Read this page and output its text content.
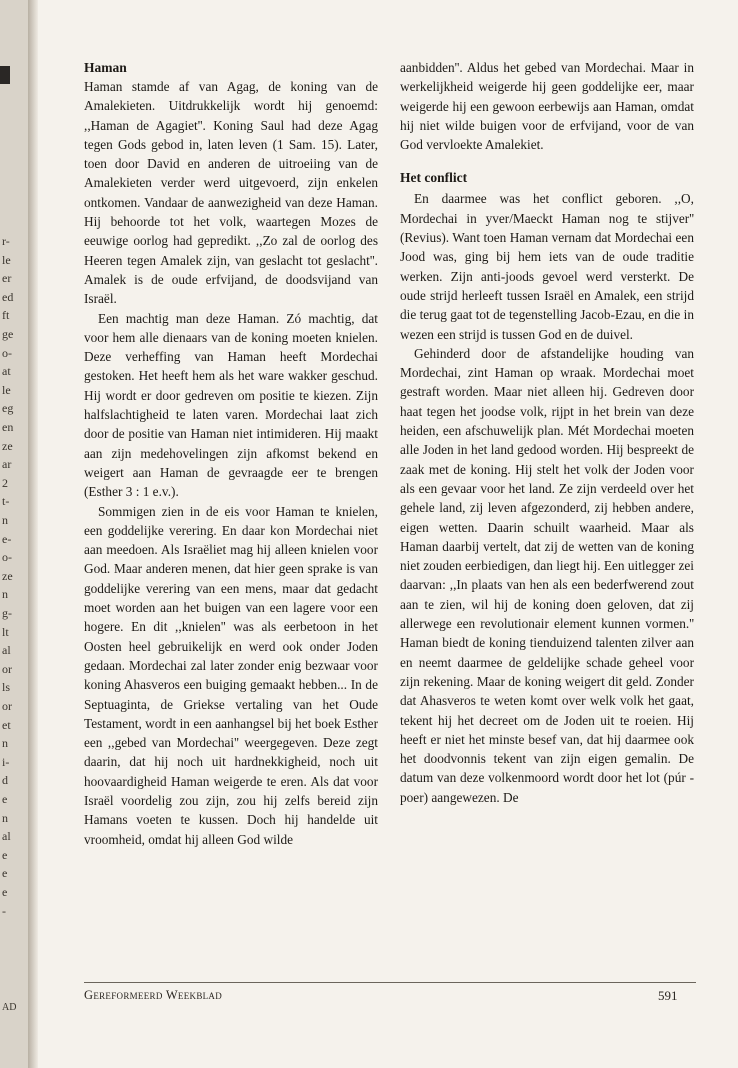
r-
le
er
ed
ft
ge
o-
at
le
eg
en
ze
ar
2
t-
n
e-
o-
ze
n
g-
lt
al
or
ls
or
et
n
i-
d
e
n
al
e
e
e
-
AD
Haman

Haman stamde af van Agag, de koning van de Amalekieten. Uitdrukkelijk wordt hij genoemd: ,,Haman de Agagiet''. Koning Saul had deze Agag tegen Gods gebod in, laten leven (1 Sam. 15). Later, toen door David en anderen de uitroeiing van de Amalekieten verder werd uitgevoerd, zijn enkelen ontkomen. Vandaar de aanwezigheid van deze Haman. Hij behoorde tot het volk, waartegen Mozes de eeuwige oorlog had gepredikt. ,,Zo zal de oorlog des Heeren tegen Amalek zijn, van geslacht tot geslacht''. Amalek is de oude erfvijand, de doodsvijand van Israël.

Een machtig man deze Haman. Zó machtig, dat voor hem alle dienaars van de koning moeten knielen. Deze verheffing van Haman heeft Mordechai gestoken. Het heeft hem als het ware wakker geschud. Hij wordt er door gedreven om positie te kiezen. Zijn halfslachtigheid te laten varen. Mordechai laat zich door de positie van Haman niet intimideren. Hij maakt aan zijn medehovelingen zijn afkomst bekend en weigert aan Haman de gevraagde eer te brengen (Esther 3 : 1 e.v.).

Sommigen zien in de eis voor Haman te knielen, een goddelijke verering. En daar kon Mordechai niet aan meedoen. Als Israëliet mag hij alleen knielen voor God. Maar anderen menen, dat hier geen sprake is van goddelijke verering van een mens, maar dat gedacht moet worden aan het buigen van een lagere voor een hogere. En dit ,,knielen'' was als eerbetoon in het Oosten heel gebruikelijk en werd ook onder Joden gedaan. Mordechai zal later zonder enig bezwaar voor koning Ahasveros een buiging gemaakt hebben... In de Septuaginta, de Griekse vertaling van het Oude Testament, wordt in een aanhangsel bij het boek Esther een ,,gebed van Mordechai'' weergegeven. Deze zegt daarin, dat hij noch uit hardnekkigheid, noch uit hoovaardigheid Haman weigerde te eren. Als dat voor Israël voordelig zou zijn, zou hij zelfs bereid zijn Hamans voeten te kussen. Doch hij handelde uit vroomheid, omdat hij alleen God wilde

aanbidden''. Aldus het gebed van Mordechai. Maar in werkelijkheid weigerde hij geen goddelijke eer, maar weigerde hij een gewoon eerbewijs aan Haman, omdat hij niet wilde buigen voor de erfvijand, voor de van God vervloekte Amalekiet.

Het conflict

En daarmee was het conflict geboren. ,,O, Mordechai in yver/Maeckt Haman nog te stijver'' (Revius). Want toen Haman vernam dat Mordechai een Jood was, ging bij hem iets van de oude traditie werken. Zijn anti-joods gevoel werd versterkt. De oude strijd herleeft tussen Israël en Amalek, een strijd die terug gaat tot de tegenstelling Jacob-Ezau, en die in wezen een strijd is tussen God en de duivel.

Gehinderd door de afstandelijke houding van Mordechai, zint Haman op wraak. Mordechai moet gestraft worden. Maar niet alleen hij. Gedreven door haat tegen het joodse volk, rijpt in het brein van deze heiden, een afschuwelijk plan. Mét Mordechai moeten alle Joden in het land gedood worden. Hij bespreekt de zaak met de koning. Hij stelt het volk der Joden voor als een gevaar voor het land. Ze zijn verdeeld over het gehele land, zij leven afgezonderd, zij hebben andere, eigen wetten. Daarin schuilt waarheid. Maar als Haman daarbij vertelt, dat zij de wetten van de koning niet zouden eerbiedigen, dan liegt hij. Een uitlegger zei daarvan: ,,In plaats van hen als een bederfwerend zout aan te zien, wil hij de koning doen geloven, dat zij allerwege een revolutionair element kunnen vormen.'' Haman biedt de koning tienduizend talenten zilver aan en neemt daarmee de geldelijke schade geheel voor zijn rekening. Maar de koning weigert dit geld. Zonder dat Ahasveros te weten komt over welk volk het gaat, tekent hij het decreet om de Joden uit te roeien. Hij heeft er niet het minste besef van, dat hij daarmee ook het doodvonnis tekent van zijn eigen gemalin. De datum van deze volkenmoord wordt door het lot (púr - poer) aangewezen. De

Gereformeerd Weekblad	591
